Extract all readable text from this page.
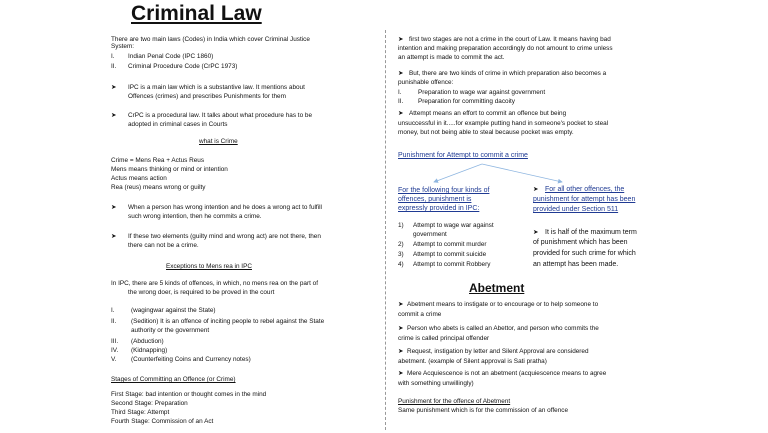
Criminal Law
There are two main laws (Codes) in India which cover Criminal Justice
System:
I. Indian Penal Code (IPC 1860)
II. Criminal Procedure Code (CrPC 1973)
➤ IPC is a main law which is a substantive law. It mentions about
Offences (crimes) and prescribes Punishments for them
➤ CrPC is a procedural law. It talks about what procedure has to be
adopted in criminal cases in Courts
what is Crime
Crime = Mens Rea + Actus Reus
Mens means thinking or mind or intention
Actus means action
Rea (reus) means wrong or guilty
➤ When a person has wrong intention and he does a wrong act to fulfill
such wrong intention, then he commits a crime.
➤ If these two elements (guilty mind and wrong act) are not there, then
there can not be a crime.
Exceptions to Mens rea in IPC
In IPC, there are 5 kinds of offences, in which, no mens rea on the part of
the wrong doer, is required to be proved in the court
I.	(wagingwar against the State)
II. (Sedition) It is an offence of inciting people to rebel against the State
authority or the government
III. (Abduction)
IV. (Kidnapping)
V. (Counterfeiting Coins and Currency notes)
Stages of Committing an Offence (or Crime)
First Stage: bad intention or thought comes in the mind
Second Stage: Preparation
Third Stage: Attempt
Fourth Stage: Commission of an Act
➤ first two stages are not a crime in the court of Law. It means having bad
intention and making preparation accordingly do not amount to crime unless
an attempt is made to commit the act.
➤ But, there are two kinds of crime in which preparation also becomes a
punishable offence:
I.	Preparation to wage war against government
II. Preparation for committing dacoity
➤ Attempt means an effort to commit an offence but being
unsuccessful in it.....for example putting hand in someone's pocket to steal
money, but not being able to steal because pocket was empty.
Punishment for Attempt to commit a crime
For the following four kinds of
offences, punishment is
expressly provided in IPC:
1) Attempt to wage war against
government
2) Attempt to commit murder
3) Attempt to commit suicide
4) Attempt to commit Robbery
➤ For all other offences, the
punishment for attempt has been
provided under Section 511
➤ It is half of the maximum term
of punishment which has been
provided for such crime for which
an attempt has been made.
Abetment
➤ Abetment means to instigate or to encourage or to help someone to
commit a crime
➤ Person who abets is called an Abettor, and person who commits the
crime is called principal offender
➤ Request, instigation by letter and Silent Approval are considered
abetment. (example of Silent approval is Sati pratha)
➤ Mere Acquiescence is not an abetment (acquiescence means to agree
with something unwillingly)
Punishment for the offence of Abetment
Same punishment which is for the commission of an offence
